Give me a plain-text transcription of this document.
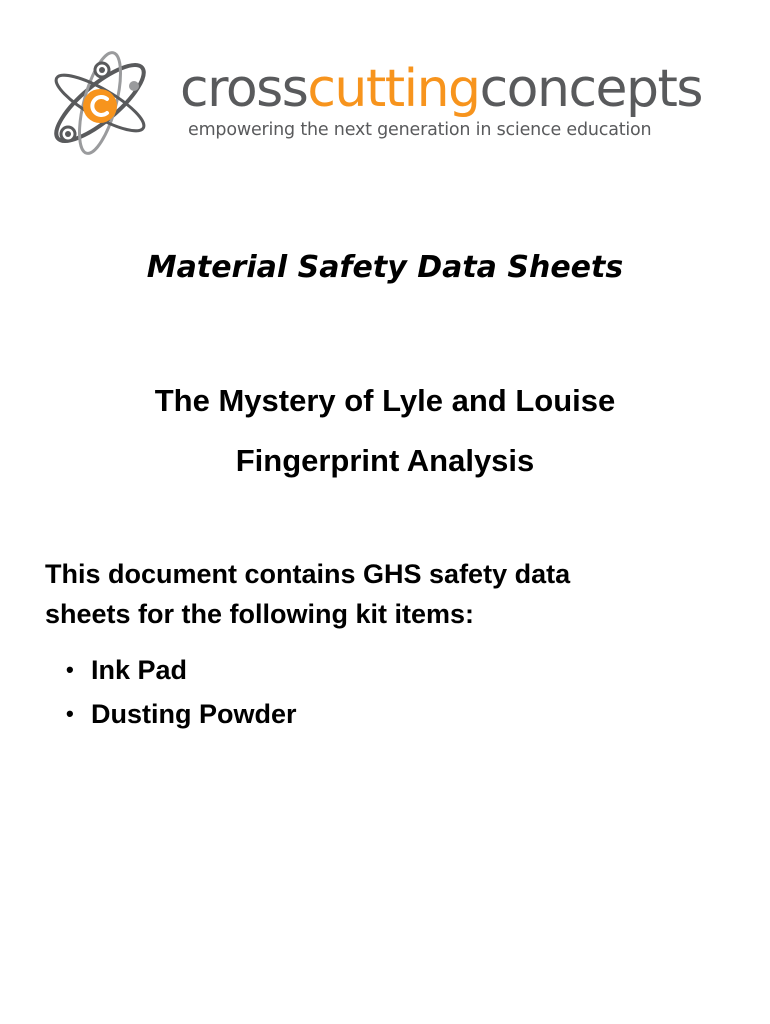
crosscuttingconcepts
empowering the next generation in science education
Material Safety Data Sheets
The Mystery of Lyle and Louise
Fingerprint Analysis
This document contains GHS safety data
sheets for the following kit items:
• Ink Pad
• Dusting Powder
